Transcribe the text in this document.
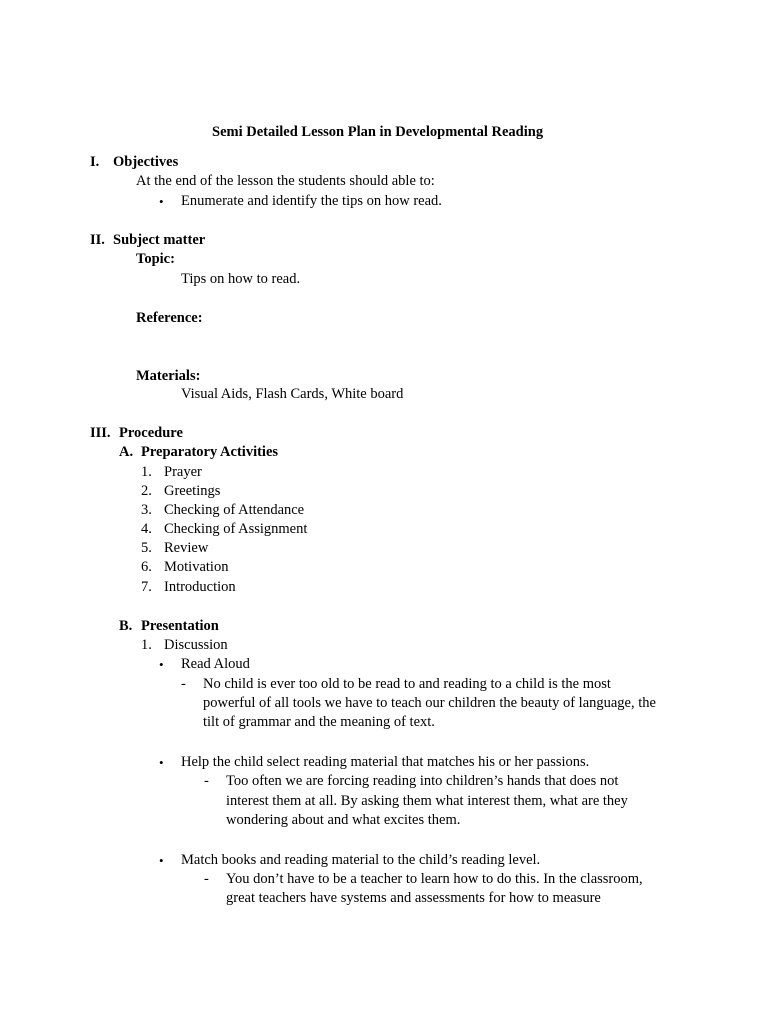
Semi Detailed Lesson Plan in Developmental Reading
I. Objectives
At the end of the lesson the students should able to:
• Enumerate and identify the tips on how read.
II. Subject matter
Topic:
Tips on how to read.
Reference:
Materials:
Visual Aids, Flash Cards, White board
III. Procedure
A. Preparatory Activities
1. Prayer
2. Greetings
3. Checking of Attendance
4. Checking of Assignment
5. Review
6. Motivation
7. Introduction
B. Presentation
1. Discussion
• Read Aloud
- No child is ever too old to be read to and reading to a child is the most
powerful of all tools we have to teach our children the beauty of language, the
tilt of grammar and the meaning of text.
• Help the child select reading material that matches his or her passions.
- Too often we are forcing reading into children’s hands that does not
interest them at all. By asking them what interest them, what are they
wondering about and what excites them.
• Match books and reading material to the child’s reading level.
- You don’t have to be a teacher to learn how to do this. In the classroom,
great teachers have systems and assessments for how to measure
